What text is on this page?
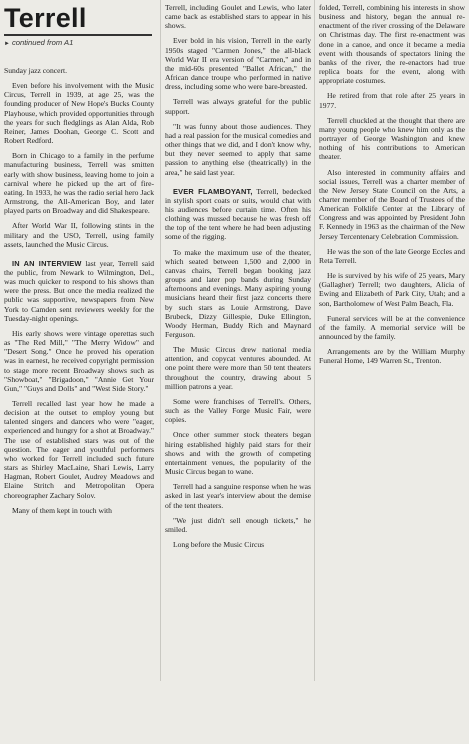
Terrell
► continued from A1

Sunday jazz concert.

Even before his involvement with the Music Circus, Terrell in 1939, at age 25, was the founding producer of New Hope's Bucks County Playhouse, which provided opportunities through the years for such fledglings as Alan Alda, Rob Reiner, James Doohan, George C. Scott and Robert Redford.

Born in Chicago to a family in the perfume manufacturing business, Terrell was smitten early with show business, leaving home to join a carnival where he picked up the art of fire-eating. In 1933, he was the radio serial hero Jack Armstrong, the All-American Boy, and later played parts on Broadway and did Shakespeare.

After World War II, following stints in the military and the USO, Terrell, using family assets, launched the Music Circus.

IN AN INTERVIEW last year, Terrell said the public, from Newark to Wilmington, Del., was much quicker to respond to his shows than were the press. But once the media realized the public was supportive, newspapers from New York to Camden sent reviewers weekly for the Tuesday-night openings.

His early shows were vintage operettas such as "The Red Mill," "The Merry Widow" and "Desert Song." Once he proved his operation was in earnest, he received copyright permission to stage more recent Broadway shows such as "Showboat," "Brigadoon," "Annie Get Your Gun," "Guys and Dolls" and "West Side Story."

Terrell recalled last year how he made a decision at the outset to employ young but talented singers and dancers who were "eager, experienced and hungry for a shot at Broadway." The use of established stars was out of the question. The eager and youthful performers who worked for Terrell included such future stars as Shirley MacLaine, Shari Lewis, Larry Hagman, Robert Goulet, Audrey Meadows and Elaine Stritch and Metropolitan Opera choreographer Zachary Solov.

Many of them kept in touch with

Terrell, including Goulet and Lewis, who later came back as established stars to appear in his shows.

Ever bold in his vision, Terrell in the early 1950s staged "Carmen Jones," the all-black World War II era version of "Carmen," and in the mid-60s presented "Ballet African," the African dance troupe who performed in native dress, including some who were bare-breasted.

Terrell was always grateful for the public support.

"It was funny about those audiences. They had a real passion for the musical comedies and other things that we did, and I don't know why, but they never seemed to apply that same passion to anything else (theatrically) in the area," he said last year.

EVER FLAMBOYANT, Terrell, bedecked in stylish sport coats or suits, would chat with his audiences before curtain time. Often his clothing was mussed because he was fresh off the top of the tent where he had been adjusting some of the rigging.

To make the maximum use of the theater, which seated between 1,500 and 2,000 in canvas chairs, Terrell began booking jazz groups and later pop bands during Sunday afternoons and evenings. Many aspiring young musicians heard their first jazz concerts there by such stars as Louie Armstrong, Dave Brubeck, Dizzy Gillespie, Duke Ellington, Woody Herman, Buddy Rich and Maynard Ferguson.

The Music Circus drew national media attention, and copycat ventures abounded. At one point there were more than 50 tent theaters throughout the country, drawing about 5 million patrons a year.

Some were franchises of Terrell's. Others, such as the Valley Forge Music Fair, were copies.

Once other summer stock theaters began hiring established highly paid stars for their shows and with the growth of competing entertainment venues, the popularity of the Music Circus began to wane.

Terrell had a sanguine response when he was asked in last year's interview about the demise of the tent theaters.

"We just didn't sell enough tickets," he smiled.

Long before the Music Circus

folded, Terrell, combining his interests in show business and history, began the annual re-enactment of the river crossing of the Delaware on Christmas day. The first re-enactment was done in a canoe, and once it became a media event with thousands of spectators lining the banks of the river, the re-enactors had true replica boats for the event, along with appropriate costumes.

He retired from that role after 25 years in 1977.

Terrell chuckled at the thought that there are many young people who knew him only as the portrayer of George Washington and knew nothing of his contributions to American theater.

Also interested in community affairs and social issues, Terrell was a charter member of the New Jersey State Council on the Arts, a charter member of the Board of Trustees of the American Folklife Center at the Library of Congress and was appointed by President John F. Kennedy in 1963 as the chairman of the New Jersey Tercentenary Celebration Commission.

He was the son of the late George Eccles and Reta Terrell.

He is survived by his wife of 25 years, Mary (Gallagher) Terrell; two daughters, Alicia of Ewing and Elizabeth of Park City, Utah; and a son, Bartholomew of West Palm Beach, Fla.

Funeral services will be at the convenience of the family. A memorial service will be announced by the family.

Arrangements are by the William Murphy Funeral Home, 149 Warren St., Trenton.
